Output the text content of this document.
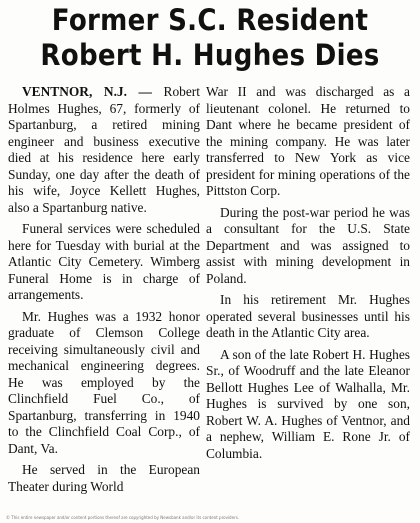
Former S.C. Resident
Robert H. Hughes Dies

VENTNOR, N.J. — Robert Holmes Hughes, 67, formerly of Spartanburg, a retired mining engineer and business executive died at his residence here early Sunday, one day after the death of his wife, Joyce Kellett Hughes, also a Spartanburg native.

Funeral services were scheduled here for Tuesday with burial at the Atlantic City Cemetery. Wimberg Funeral Home is in charge of arrangements.

Mr. Hughes was a 1932 honor graduate of Clemson College receiving simultaneously civil and mechanical engineering degrees. He was employed by the Clinchfield Fuel Co., of Spartanburg, transferring in 1940 to the Clinchfield Coal Corp., of Dant, Va.

He served in the European Theater during World

War II and was discharged as a lieutenant colonel. He returned to Dant where he became president of the mining company. He was later transferred to New York as vice president for mining operations of the Pittston Corp.

During the post-war period he was a consultant for the U.S. State Department and was assigned to assist with mining development in Poland.

In his retirement Mr. Hughes operated several businesses until his death in the Atlantic City area.

A son of the late Robert H. Hughes Sr., of Woodruff and the late Eleanor Bellott Hughes Lee of Walhalla, Mr. Hughes is survived by one son, Robert W. A. Hughes of Ventnor, and a nephew, William E. Rone Jr. of Columbia.

© This entire newspaper and/or content portions thereof are copyrighted by Newsbank and/or its content providers.
